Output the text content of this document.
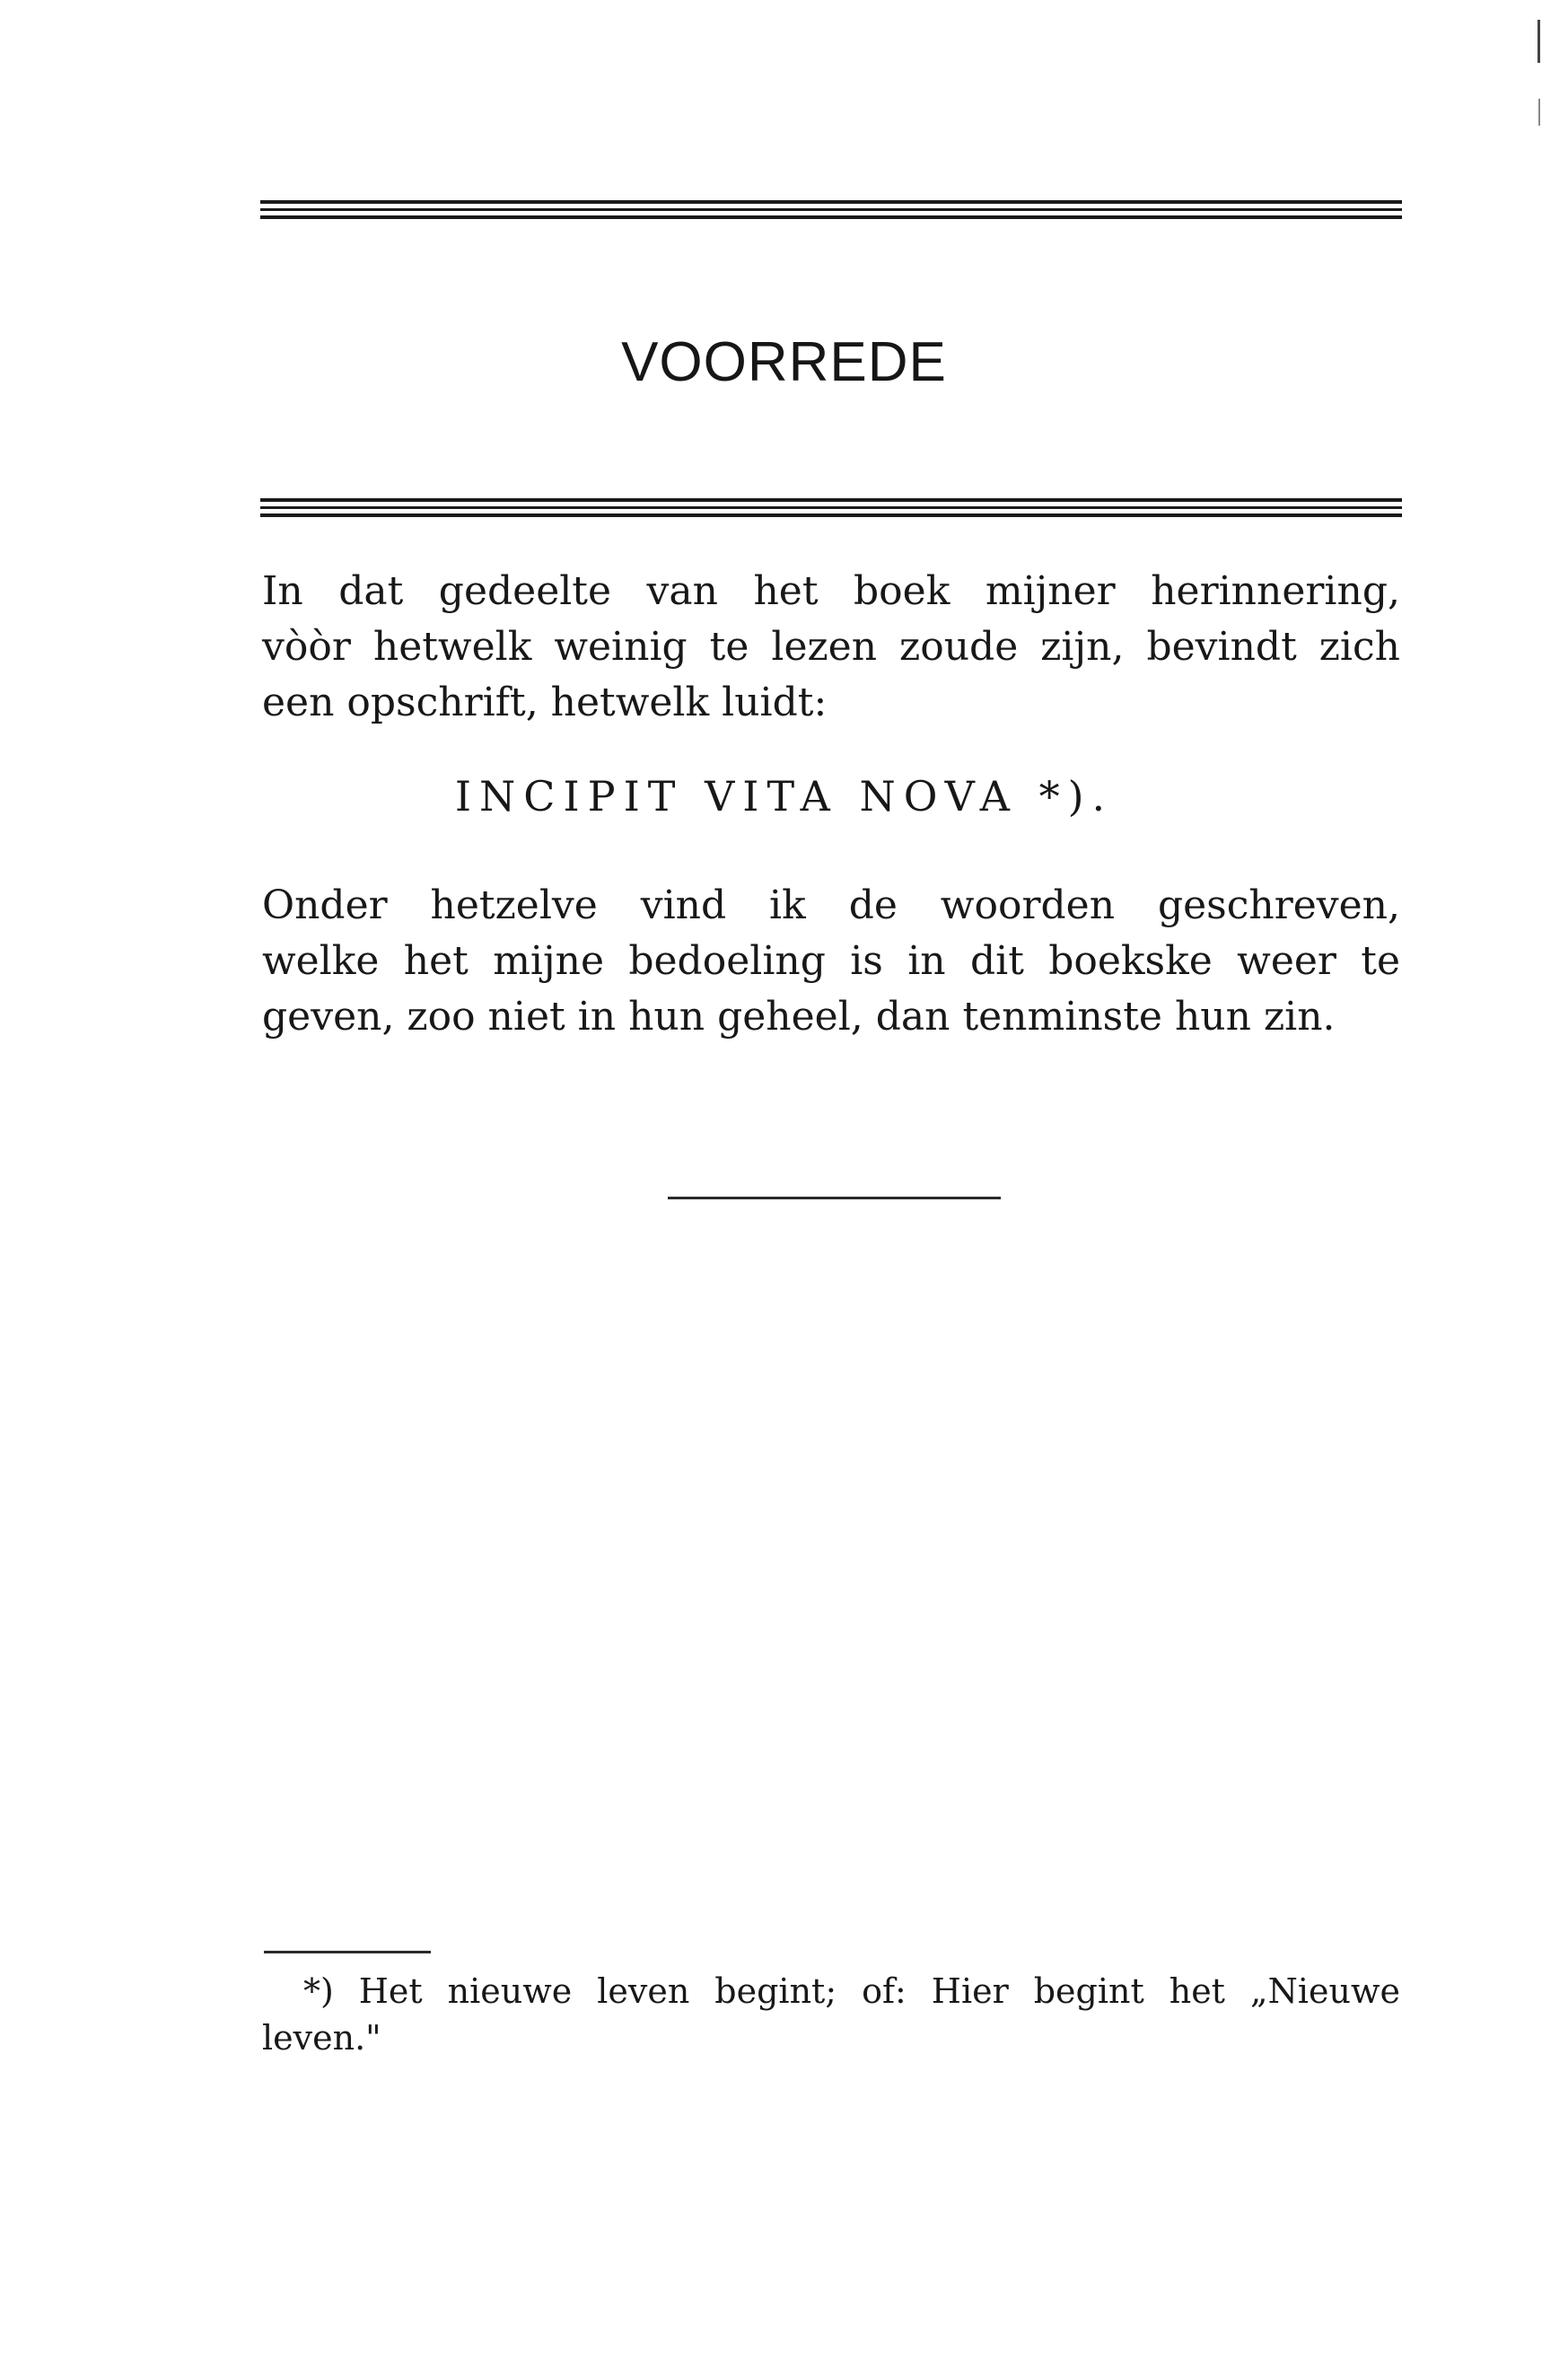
VOORREDE
In dat gedeelte van het boek mijner herinnering,
vòòr hetwelk weinig te lezen zoude zijn, bevindt zich
een opschrift, hetwelk luidt:
INCIPIT VITA NOVA *).
Onder hetzelve vind ik de woorden geschreven,
welke het mijne bedoeling is in dit boekske weer te
geven, zoo niet in hun geheel, dan tenminste hun zin.
*) Het nieuwe leven begint; of: Hier begint het „Nieuwe
leven."
